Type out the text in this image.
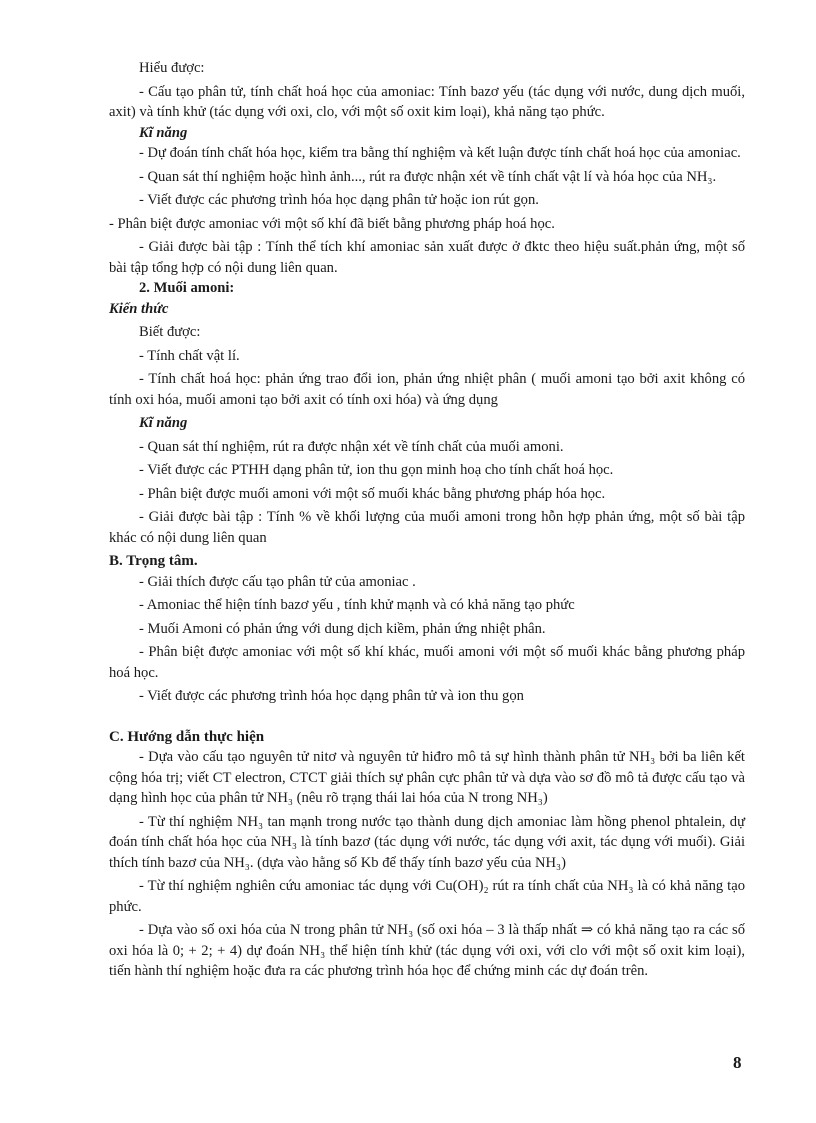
Hiểu được:

- Cấu tạo phân tử, tính chất hoá học của amoniac: Tính bazơ yếu (tác dụng với nước, dung dịch muối, axit) và tính khử (tác dụng với oxi, clo, với một số oxit kim loại), khả năng tạo phức.

Kĩ năng

- Dự đoán tính chất hóa học, kiểm tra bằng thí nghiệm và kết luận được tính chất hoá học của amoniac.

- Quan sát thí nghiệm hoặc hình ảnh..., rút ra được nhận xét về tính chất vật lí và hóa học của NH₃.

- Viết được các phương trình hóa học dạng phân tử hoặc ion rút gọn.

- Phân biệt được amoniac với một số khí đã biết bằng phương pháp hoá học.

- Giải được bài tập : Tính thể tích khí amoniac sản xuất được ở đktc theo hiệu suất.phản ứng, một số bài tập tổng hợp có nội dung liên quan.

2. Muối amoni:

Kiến thức

Biết được:

- Tính chất vật lí.

- Tính chất hoá học: phản ứng trao đổi ion, phản ứng nhiệt phân ( muối amoni tạo bởi axit không có tính oxi hóa, muối amoni tạo bởi axit có tính oxi hóa) và ứng dụng

Kĩ năng

- Quan sát thí nghiệm, rút ra được nhận xét về tính chất của muối amoni.

- Viết được các PTHH dạng phân tử, ion thu gọn minh hoạ cho tính chất hoá học.

- Phân biệt được muối amoni với một số muối khác bằng phương pháp hóa học.

- Giải được bài tập : Tính % về khối lượng của muối amoni trong hỗn hợp phản ứng, một số bài tập khác có nội dung liên quan

B. Trọng tâm.

- Giải thích được cấu tạo phân tử của amoniac .

- Amoniac thể hiện tính bazơ yếu , tính khử mạnh và có khả năng tạo phức

- Muối Amoni có phản ứng với dung dịch kiềm, phản ứng nhiệt phân.

- Phân biệt được amoniac với một số khí khác, muối amoni với một số muối khác bằng phương pháp hoá học.

- Viết được các phương trình hóa học dạng phân tử và ion thu gọn

C. Hướng dẫn thực hiện

- Dựa vào cấu tạo nguyên tử nitơ và nguyên tử hiđro mô tả sự hình thành phân tử NH₃ bởi ba liên kết cộng hóa trị; viết CT electron, CTCT giải thích sự phân cực phân tử và dựa vào sơ đồ mô tả được cấu tạo và dạng hình học của phân tử NH₃ (nêu rõ trạng thái lai hóa của N trong NH₃)

- Từ thí nghiệm NH₃ tan mạnh trong nước tạo thành dung dịch amoniac làm hồng phenol phtalein, dự đoán tính chất hóa học của NH₃ là tính bazơ (tác dụng với nước, tác dụng với axit, tác dụng với muối). Giải thích tính bazơ của NH₃. (dựa vào hằng số Kb để thấy tính bazơ yếu của NH₃)

- Từ thí nghiệm nghiên cứu amoniac tác dụng với Cu(OH)₂ rút ra tính chất của NH₃ là có khả năng tạo phức.

- Dựa vào số oxi hóa của N trong phân tử NH₃ (số oxi hóa – 3 là thấp nhất ⇒ có khả năng tạo ra các số oxi hóa là 0; + 2; + 4) dự đoán NH₃ thể hiện tính khử (tác dụng với oxi, với clo với một số oxit kim loại), tiến hành thí nghiệm hoặc đưa ra các phương trình hóa học để chứng minh các dự đoán trên.

8
